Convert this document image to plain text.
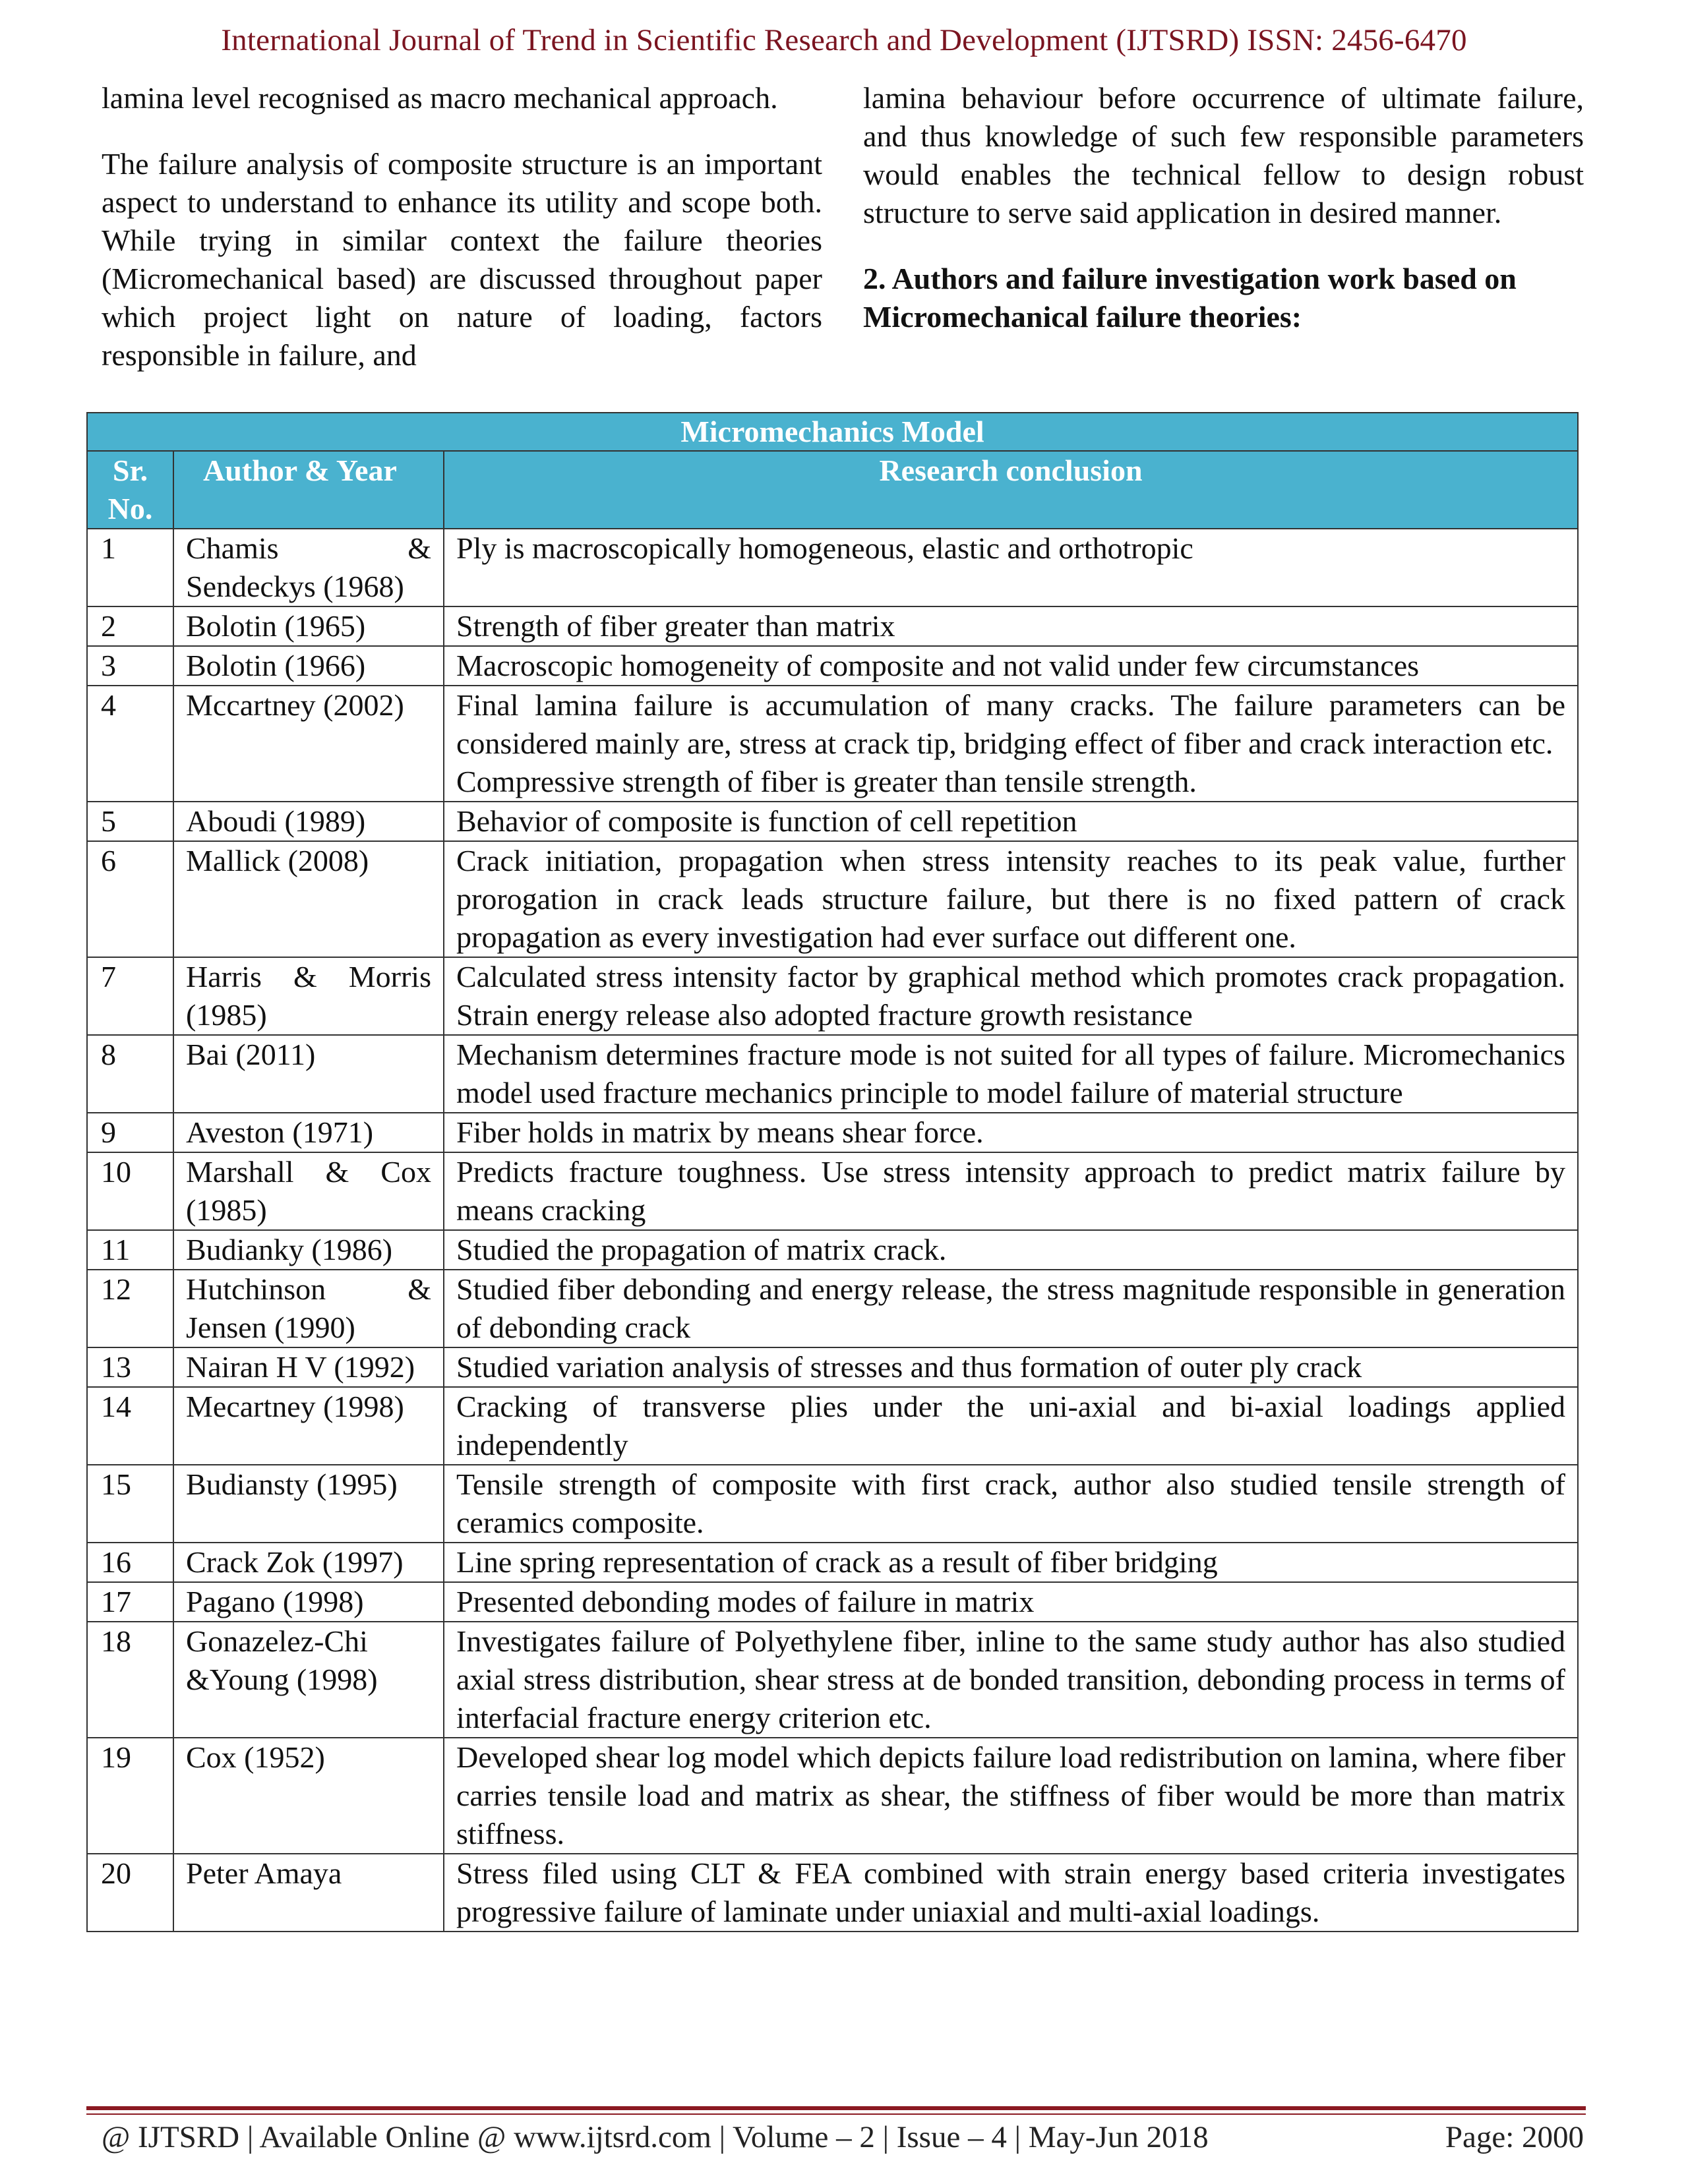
International Journal of Trend in Scientific Research and Development (IJTSRD) ISSN: 2456-6470

lamina level recognised as macro mechanical approach.

The failure analysis of composite structure is an important aspect to understand to enhance its utility and scope both. While trying in similar context the failure theories (Micromechanical based) are discussed throughout paper which project light on nature of loading, factors responsible in failure, and

lamina behaviour before occurrence of ultimate failure, and thus knowledge of such few responsible parameters would enables the technical fellow to design robust structure to serve said application in desired manner.

2. Authors and failure investigation work based on Micromechanical failure theories:
Micromechanics Model		
Sr. No.	Author & Year	Research conclusion
1	Chamis & Sendeckys (1968)	Ply is macroscopically homogeneous, elastic and orthotropic

2	Bolotin (1965)	Strength of fiber greater than matrix

3	Bolotin (1966)	Macroscopic homogeneity of composite and not valid under few circumstances

4	Mccartney (2002)	Final lamina failure is accumulation of many cracks. The failure parameters can be considered mainly are, stress at crack tip, bridging effect of fiber and crack interaction etc.
Compressive strength of fiber is greater than tensile strength.

5	Aboudi (1989)	Behavior of composite is function of cell repetition

6	Mallick (2008)	Crack initiation, propagation when stress intensity reaches to its peak value, further prorogation in crack leads structure failure, but there is no fixed pattern of crack propagation as every investigation had ever surface out different one.

7	Harris & Morris (1985)	Calculated stress intensity factor by graphical method which promotes crack propagation. Strain energy release also adopted fracture growth resistance

8	Bai (2011)	Mechanism determines fracture mode is not suited for all types of failure. Micromechanics model used fracture mechanics principle to model failure of material structure

9	Aveston (1971)	Fiber holds in matrix by means shear force.

10	Marshall & Cox (1985)	Predicts fracture toughness. Use stress intensity approach to predict matrix failure by means cracking

11	Budianky (1986)	Studied the propagation of matrix crack.

12	Hutchinson & Jensen (1990)	Studied fiber debonding and energy release, the stress magnitude responsible in generation of debonding crack

13	Nairan H V (1992)	Studied variation analysis of stresses and thus formation of outer ply crack

14	Mecartney (1998)	Cracking of transverse plies under the uni-axial and bi-axial loadings applied independently

15	Budiansty (1995)	Tensile strength of composite with first crack, author also studied tensile strength of ceramics composite.

16	Crack Zok (1997)	Line spring representation of crack as a result of fiber bridging

17	Pagano (1998)	Presented debonding modes of failure in matrix

18	Gonazelez-Chi &Young (1998)	Investigates failure of Polyethylene fiber, inline to the same study author has also studied axial stress distribution, shear stress at de bonded transition, debonding process in terms of interfacial fracture energy criterion etc.

19	Cox (1952)	Developed shear log model which depicts failure load redistribution on lamina, where fiber carries tensile load and matrix as shear, the stiffness of fiber would be more than matrix stiffness.

20	Peter Amaya	Stress filed using CLT & FEA combined with strain energy based criteria investigates progressive failure of laminate under uniaxial and multi-axial loadings.
@ IJTSRD | Available Online @ www.ijtsrd.com | Volume – 2 | Issue – 4 | May-Jun 2018	Page: 2000
